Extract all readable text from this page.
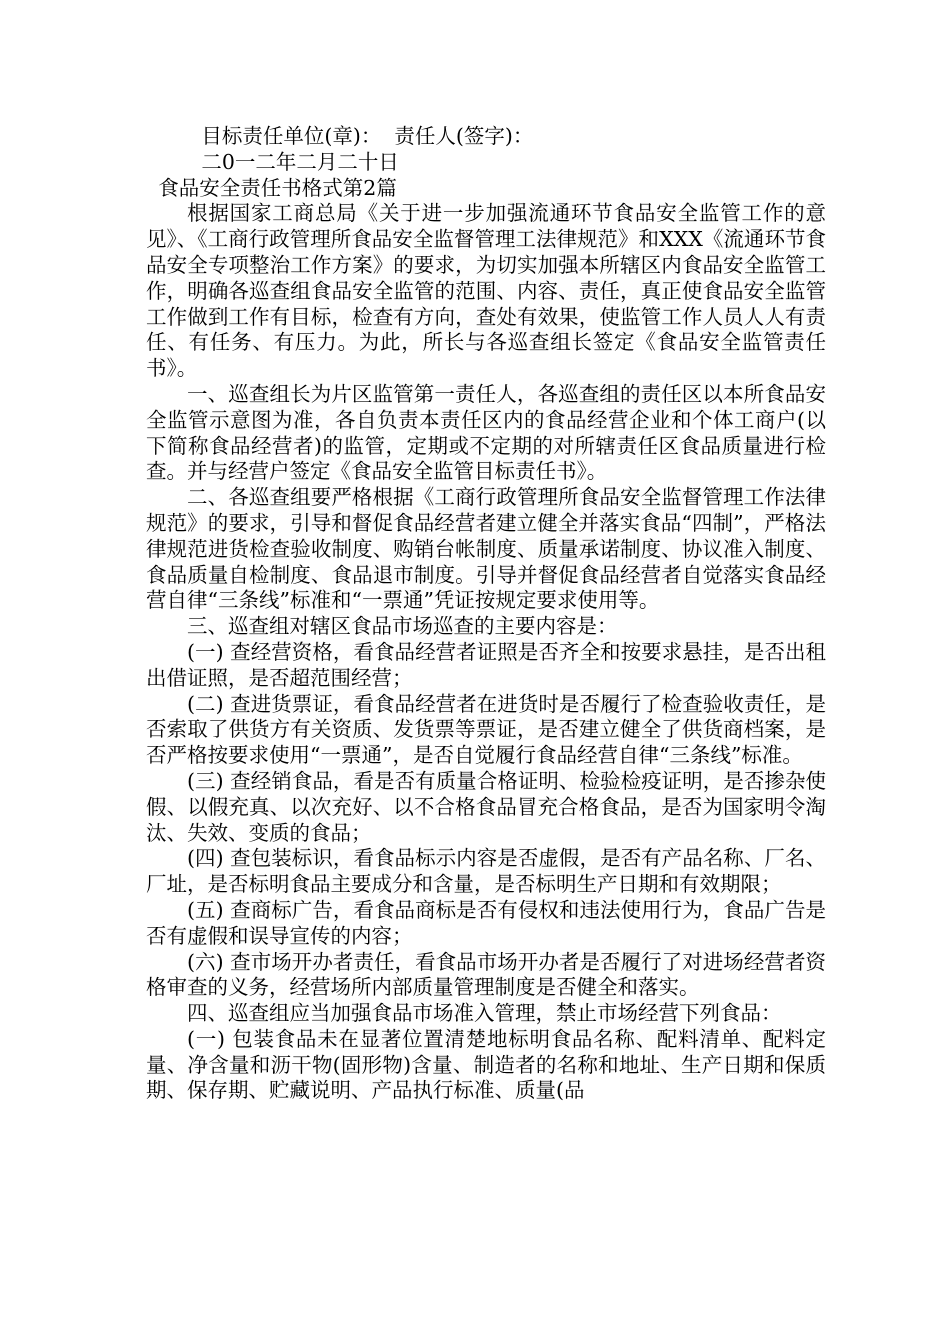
目标责任单位(章)： 责任人(签字)：

二0一二年二月二十日

食品安全责任书格式第2篇

根据国家工商总局《关于进一步加强流通环节食品安全监管工作的意见》、《工商行政管理所食品安全监督管理工法律规范》和XXX《流通环节食品安全专项整治工作方案》的要求，为切实加强本所辖区内食品安全监管工作，明确各巡查组食品安全监管的范围、内容、责任，真正使食品安全监管工作做到工作有目标，检查有方向，查处有效果，使监管工作人员人人有责任、有任务、有压力。为此，所长与各巡查组长签定《食品安全监管责任书》。

一、巡查组长为片区监管第一责任人，各巡查组的责任区以本所食品安全监管示意图为准，各自负责本责任区内的食品经营企业和个体工商户(以下简称食品经营者)的监管，定期或不定期的对所辖责任区食品质量进行检查。并与经营户签定《食品安全监管目标责任书》。

二、各巡查组要严格根据《工商行政管理所食品安全监督管理工作法律规范》的要求，引导和督促食品经营者建立健全并落实食品“四制”，严格法律规范进货检查验收制度、购销台帐制度、质量承诺制度、协议准入制度、食品质量自检制度、食品退市制度。引导并督促食品经营者自觉落实食品经营自律“三条线”标准和“一票通”凭证按规定要求使用等。

三、巡查组对辖区食品市场巡查的主要内容是：

(一) 查经营资格，看食品经营者证照是否齐全和按要求悬挂，是否出租出借证照，是否超范围经营；

(二) 查进货票证，看食品经营者在进货时是否履行了检查验收责任，是否索取了供货方有关资质、发货票等票证，是否建立健全了供货商档案，是否严格按要求使用“一票通”，是否自觉履行食品经营自律“三条线”标准。

(三) 查经销食品，看是否有质量合格证明、检验检疫证明，是否掺杂使假、以假充真、以次充好、以不合格食品冒充合格食品，是否为国家明令淘汰、失效、变质的食品；

(四) 查包装标识，看食品标示内容是否虚假，是否有产品名称、厂名、厂址，是否标明食品主要成分和含量，是否标明生产日期和有效期限；

(五) 查商标广告，看食品商标是否有侵权和违法使用行为，食品广告是否有虚假和误导宣传的内容；

(六) 查市场开办者责任，看食品市场开办者是否履行了对进场经营者资格审查的义务，经营场所内部质量管理制度是否健全和落实。

四、巡查组应当加强食品市场准入管理，禁止市场经营下列食品：

(一) 包装食品未在显著位置清楚地标明食品名称、配料清单、配料定量、净含量和沥干物(固形物)含量、制造者的名称和地址、生产日期和保质期、保存期、贮藏说明、产品执行标准、质量(品
